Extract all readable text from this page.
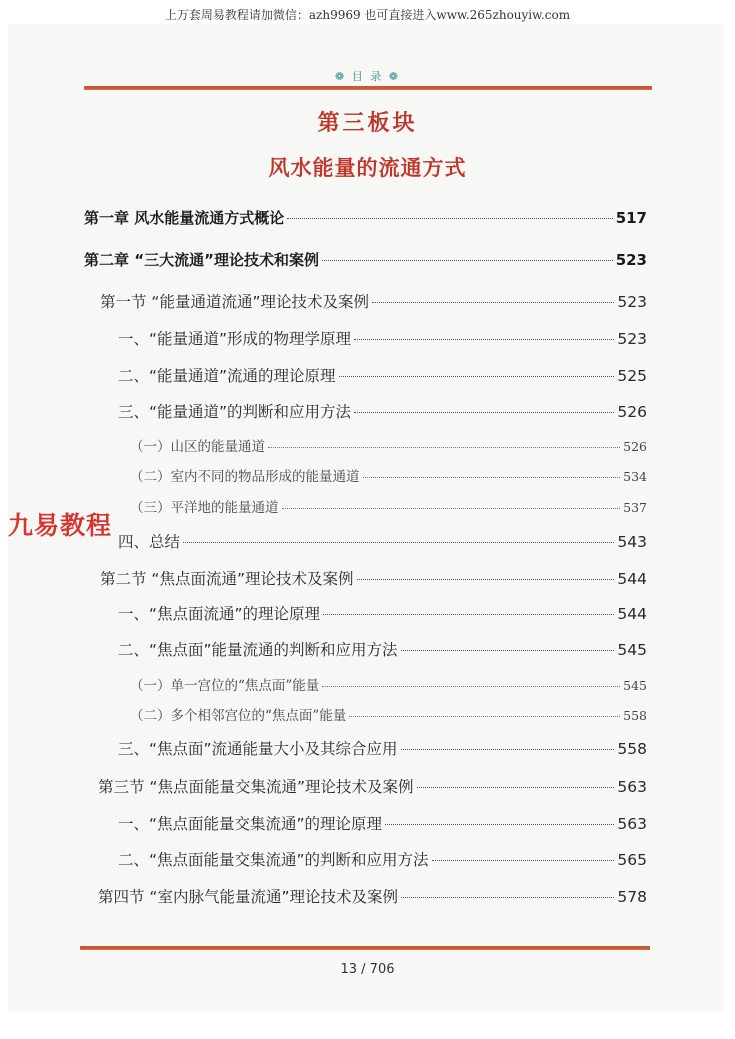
上万套周易教程请加微信：azh9969 也可直接进入www.265zhouyiw.com
❁ 目 录 ❁
第三板块
风水能量的流通方式
第一章 风水能量流通方式概论	517
第二章 “三大流通”理论技术和案例	523
第一节 “能量通道流通”理论技术及案例	523
一、“能量通道”形成的物理学原理	523
二、“能量通道”流通的理论原理	525
三、“能量通道”的判断和应用方法	526
（一）山区的能量通道	526
（二）室内不同的物品形成的能量通道	534
（三）平洋地的能量通道	537
四、总结	543
第二节 “焦点面流通”理论技术及案例	544
一、“焦点面流通”的理论原理	544
二、“焦点面”能量流通的判断和应用方法	545
（一）单一宫位的“焦点面”能量	545
（二）多个相邻宫位的“焦点面”能量	558
三、“焦点面”流通能量大小及其综合应用	558
第三节 “焦点面能量交集流通”理论技术及案例	563
一、“焦点面能量交集流通”的理论原理	563
二、“焦点面能量交集流通”的判断和应用方法	565
第四节 “室内脉气能量流通”理论技术及案例	578
九易教程
13 / 706
